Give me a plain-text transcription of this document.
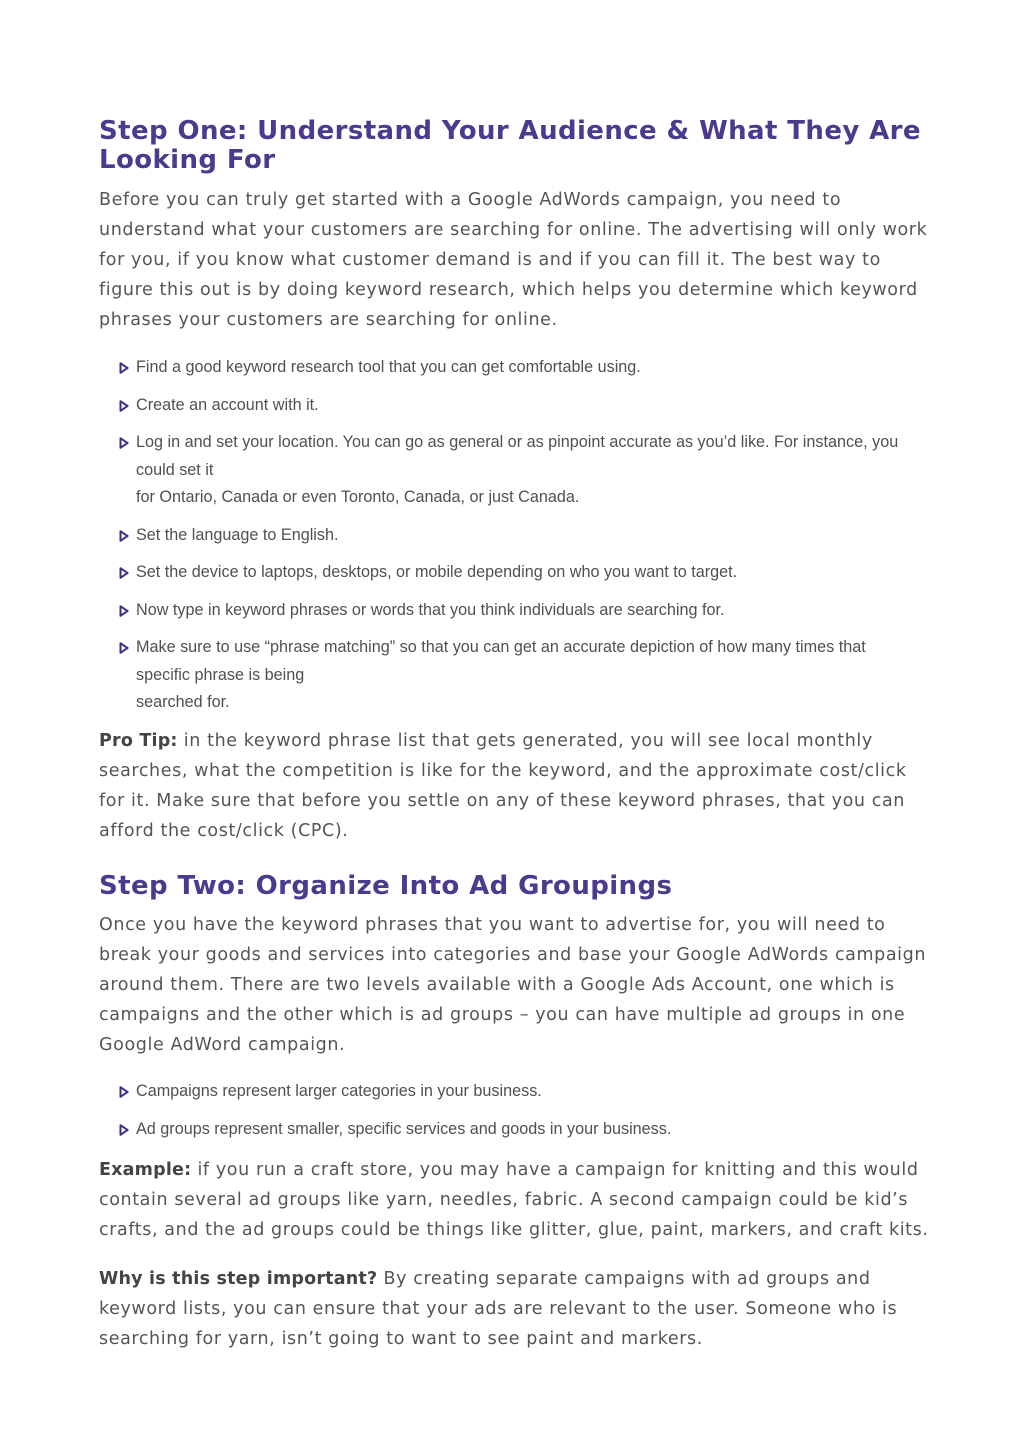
Step One: Understand Your Audience & What They Are Looking For

Before you can truly get started with a Google AdWords campaign, you need to understand what your customers are searching for online. The advertising will only work for you, if you know what customer demand is and if you can fill it. The best way to figure this out is by doing keyword research, which helps you determine which keyword phrases your customers are searching for online.

Find a good keyword research tool that you can get comfortable using.
Create an account with it.
Log in and set your location. You can go as general or as pinpoint accurate as you’d like. For instance, you could set it
for Ontario, Canada or even Toronto, Canada, or just Canada.
Set the language to English.
Set the device to laptops, desktops, or mobile depending on who you want to target.
Now type in keyword phrases or words that you think individuals are searching for.
Make sure to use “phrase matching” so that you can get an accurate depiction of how many times that specific phrase is being
searched for.

Pro Tip: in the keyword phrase list that gets generated, you will see local monthly searches, what the competition is like for the keyword, and the approximate cost/click for it. Make sure that before you settle on any of these keyword phrases, that you can afford the cost/click (CPC).

Step Two: Organize Into Ad Groupings

Once you have the keyword phrases that you want to advertise for, you will need to break your goods and services into categories and base your Google AdWords campaign around them. There are two levels available with a Google Ads Account, one which is campaigns and the other which is ad groups – you can have multiple ad groups in one Google AdWord campaign.

Campaigns represent larger categories in your business.
Ad groups represent smaller, specific services and goods in your business.

Example: if you run a craft store, you may have a campaign for knitting and this would contain several ad groups like yarn, needles, fabric. A second campaign could be kid’s crafts, and the ad groups could be things like glitter, glue, paint, markers, and craft kits.

Why is this step important? By creating separate campaigns with ad groups and keyword lists, you can ensure that your ads are relevant to the user. Someone who is searching for yarn, isn’t going to want to see paint and markers.
